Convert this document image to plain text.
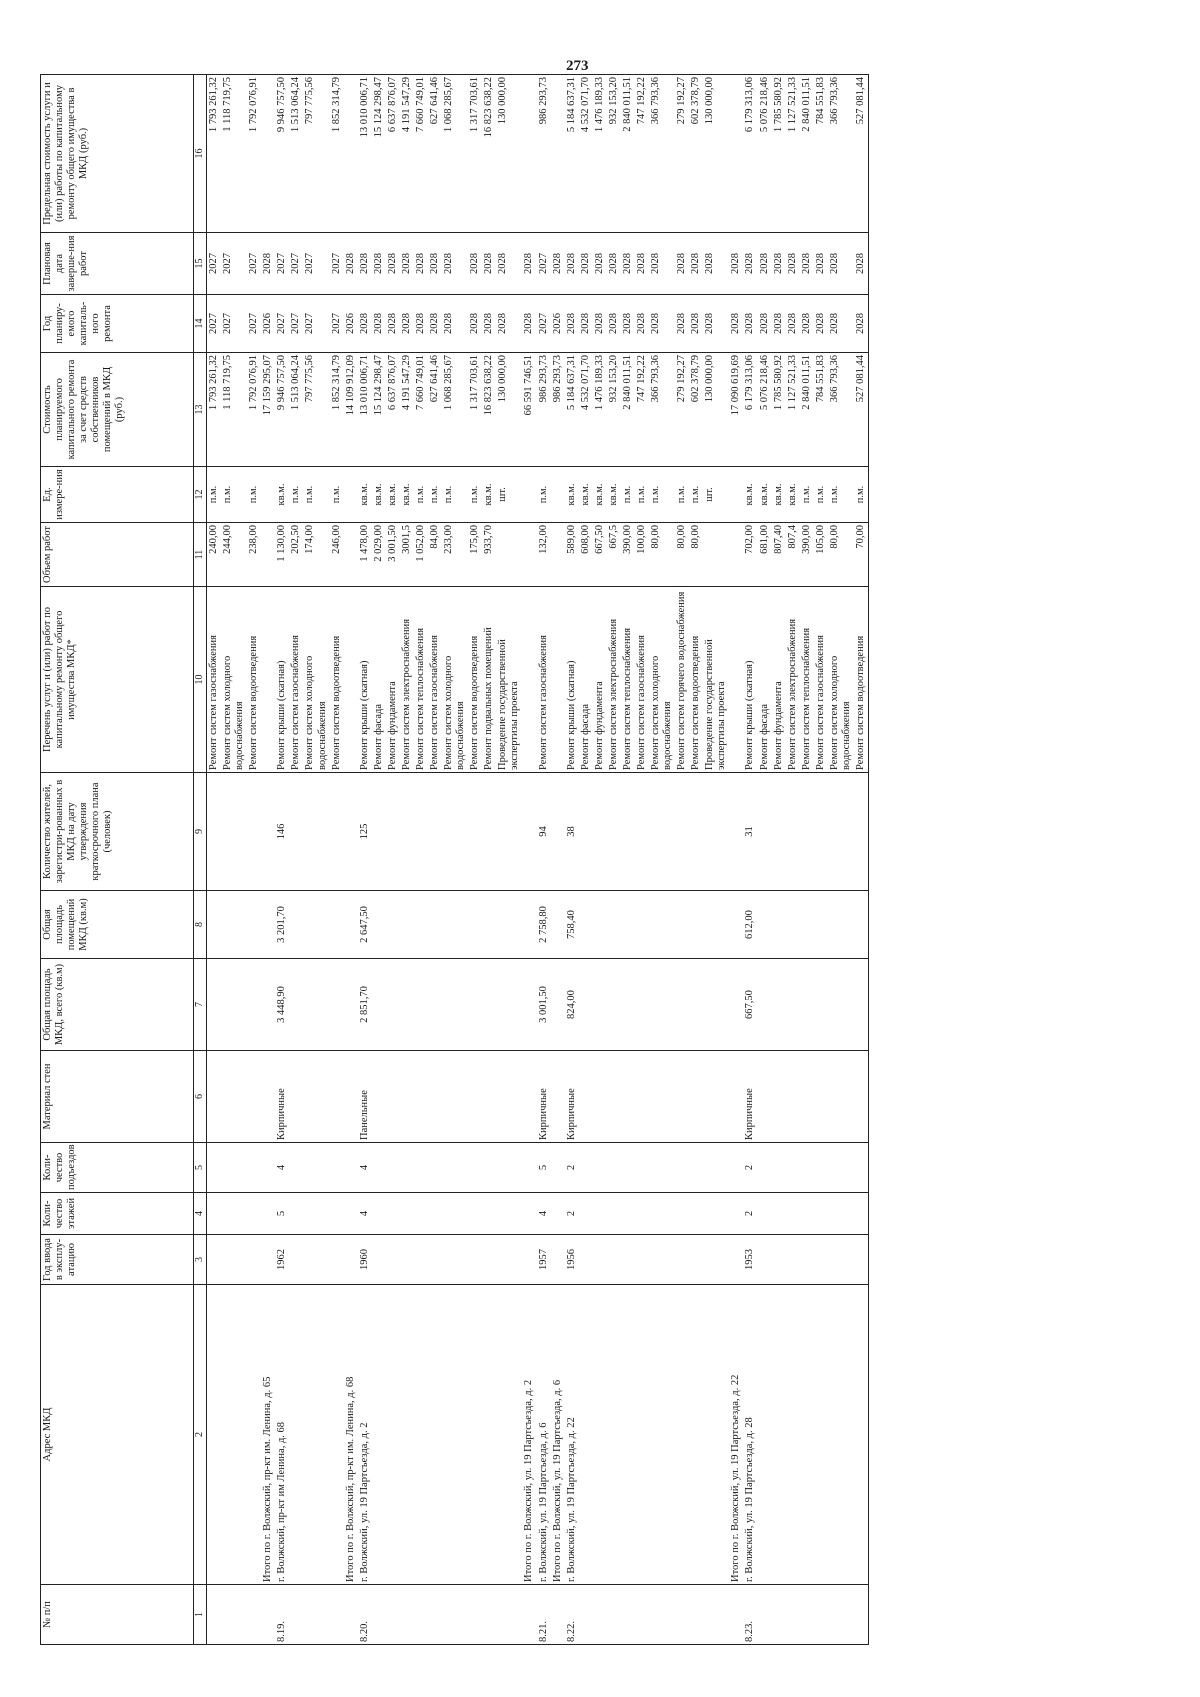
273
№ п/п	Адрес МКД	Год ввода в эксплу-атацию	Коли-чество этажей	Коли-чество подъездов	Материал стен	Общая площадь МКД, всего (кв.м)	Общая площадь помещений МКД (кв.м)	Количество жителей, зарегистри-рованных в МКД на дату утверждения краткосрочного плана (человек)	Перечень услуг и (или) работ по капитальному ремонту общего имущества МКД*	Объем работ	Ед. измере-ния	Стоимость планируемого капитального ремонта за счет средств собственников помещений в МКД (руб.)	Год планиру-емого капиталь-ного ремонта	Плановая дата заверше-ния работ	Предельная стоимость услуги и (или) работы по капитальному ремонту общего имущества в МКД (руб.)
1	2	3	4	5	6	7	8	9	10	11	12	13	14	15	16
									Ремонт систем газоснабжения	240,00	п.м.	1 793 261,32	2027	2027	1 793 261,32
									Ремонт систем холодного водоснабжения	244,00	п.м.	1 118 719,75	2027	2027	1 118 719,75
									Ремонт систем водоотведения	238,00	п.м.	1 792 076,91	2027	2027	1 792 076,91
	Итого по г. Волжский, пр-кт им. Ленина, д. 65											17 159 295,07	2026	2028	
8.19.	г. Волжский, пр-кт им Ленина, д. 68	1962	5	4	Кирпичные	3 448,90	3 201,70	146	Ремонт крыши (скатная)	1 130,00	кв.м.	9 946 757,50	2027	2027	9 946 757,50
									Ремонт систем газоснабжения	202,50	п.м.	1 513 064,24	2027	2027	1 513 064,24
									Ремонт систем холодного водоснабжения	174,00	п.м.	797 775,56	2027	2027	797 775,56
									Ремонт систем водоотведения	246,00	п.м.	1 852 314,79	2027	2027	1 852 314,79
	Итого по г. Волжский, пр-кт им. Ленина, д. 68											14 109 912,09	2026	2028	
8.20.	г. Волжский, ул. 19 Партсъезда, д. 2	1960	4	4	Панельные	2 851,70	2 647,50	125	Ремонт крыши (скатная)	1 478,00	кв.м.	13 010 006,71	2028	2028	13 010 006,71
									Ремонт фасада	2 029,00	кв.м.	15 124 298,47	2028	2028	15 124 298,47
									Ремонт фундамента	3 001,50	кв.м.	6 637 876,07	2028	2028	6 637 876,07
									Ремонт систем электроснабжения	3001,5	кв.м.	4 191 547,29	2028	2028	4 191 547,29
									Ремонт систем теплоснабжения	1 052,00	п.м.	7 660 749,01	2028	2028	7 660 749,01
									Ремонт систем газоснабжения	84,00	п.м.	627 641,46	2028	2028	627 641,46
									Ремонт систем холодного водоснабжения	233,00	п.м.	1 068 285,67	2028	2028	1 068 285,67
									Ремонт систем водоотведения	175,00	п.м.	1 317 703,61	2028	2028	1 317 703,61
									Ремонт подвальных помещений	933,70	кв.м.	16 823 638,22	2028	2028	16 823 638,22
									Проведение государственной экспертизы проекта		шт.	130 000,00	2028	2028	130 000,00
	Итого по г. Волжский, ул. 19 Партсъезда, д. 2											66 591 746,51	2028	2028	
8.21.	г. Волжский, ул. 19 Партсъезда, д. 6	1957	4	5	Кирпичные	3 001,50	2 758,80	94	Ремонт систем газоснабжения	132,00	п.м.	986 293,73	2027	2027	986 293,73
	Итого по г. Волжский, ул. 19 Партсъезда, д. 6											986 293,73	2026	2028	
8.22.	г. Волжский, ул. 19 Партсъезда, д. 22	1956	2	2	Кирпичные	824,00	758,40	38	Ремонт крыши (скатная)	589,00	кв.м.	5 184 637,31	2028	2028	5 184 637,31
									Ремонт фасада	608,00	кв.м.	4 532 071,70	2028	2028	4 532 071,70
									Ремонт фундамента	667,50	кв.м.	1 476 189,33	2028	2028	1 476 189,33
									Ремонт систем электроснабжения	667,5	кв.м.	932 153,20	2028	2028	932 153,20
									Ремонт систем теплоснабжения	390,00	п.м.	2 840 011,51	2028	2028	2 840 011,51
									Ремонт систем газоснабжения	100,00	п.м.	747 192,22	2028	2028	747 192,22
									Ремонт систем холодного водоснабжения	80,00	п.м.	366 793,36	2028	2028	366 793,36
									Ремонт систем горячего водоснабжения	80,00	п.м.	279 192,27	2028	2028	279 192,27
									Ремонт систем водоотведения	80,00	п.м.	602 378,79	2028	2028	602 378,79
									Проведение государственной экспертизы проекта		шт.	130 000,00	2028	2028	130 000,00
	Итого по г. Волжский, ул. 19 Партсъезда, д. 22											17 090 619,69	2028	2028	
8.23.	г. Волжский, ул. 19 Партсъезда, д. 28	1953	2	2	Кирпичные	667,50	612,00	31	Ремонт крыши (скатная)	702,00	кв.м.	6 179 313,06	2028	2028	6 179 313,06
									Ремонт фасада	681,00	кв.м.	5 076 218,46	2028	2028	5 076 218,46
									Ремонт фундамента	807,40	кв.м.	1 785 580,92	2028	2028	1 785 580,92
									Ремонт систем электроснабжения	807,4	кв.м.	1 127 521,33	2028	2028	1 127 521,33
									Ремонт систем теплоснабжения	390,00	п.м.	2 840 011,51	2028	2028	2 840 011,51
									Ремонт систем газоснабжения	105,00	п.м.	784 551,83	2028	2028	784 551,83
									Ремонт систем холодного водоснабжения	80,00	п.м.	366 793,36	2028	2028	366 793,36
									Ремонт систем водоотведения	70,00	п.м.	527 081,44	2028	2028	527 081,44
